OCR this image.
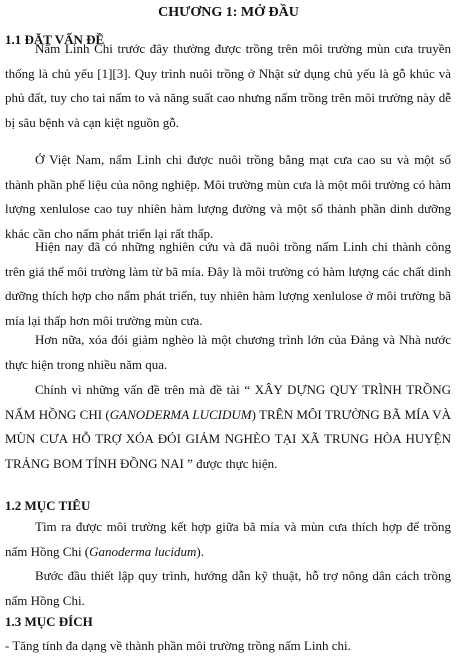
CHƯƠNG 1: MỞ ĐẦU
1.1 ĐẶT VẤN ĐỀ
Nấm Linh Chi trước đây thường được trồng trên môi trường mùn cưa truyền thống là chủ yếu [1][3]. Quy trình nuôi trồng ở Nhật sử dụng chủ yếu là gỗ khúc và phủ đất, tuy cho tai nấm to và năng suất cao nhưng nấm trồng trên môi trường này dễ bị sâu bệnh và cạn kiệt nguồn gỗ.
Ở Việt Nam, nấm Linh chi được nuôi trồng bằng mạt cưa cao su và một số thành phần phế liệu của nông nghiệp. Môi trường mùn cưa là một môi trường có hàm lượng xenlulose cao tuy nhiên hàm lượng đường và một số thành phần dinh dưỡng khác cần cho nấm phát triển lại rất thấp.
Hiện nay đã có những nghiên cứu và đã nuôi trồng nấm Linh chi thành công trên giá thể môi trường làm từ bã mía. Đây là môi trường có hàm lượng các chất dinh dưỡng thích hợp cho nấm phát triển, tuy nhiên hàm lượng xenlulose ở môi trường bã mía lại thấp hơn môi trường mùn cưa.
Hơn nữa, xóa đói giảm nghèo là một chương trình lớn của Đảng và Nhà nước thực hiện trong nhiều năm qua.
Chính vì những vấn đề trên mà đề tài “ XÂY DỰNG QUY TRÌNH TRỒNG NẤM HỒNG CHI (GANODERMA LUCIDUM) TRÊN MÔI TRƯỜNG BÃ MÍA VÀ MÙN CƯA HỖ TRỢ XÓA ĐÓI GIẢM NGHÈO TẠI XÃ TRUNG HÒA HUYỆN TRẢNG BOM TỈNH ĐỒNG NAI ” được thực hiện.
1.2 MỤC TIÊU
Tìm ra được môi trường kết hợp giữa bã mía và mùn cưa thích hợp để trồng nấm Hồng Chi (Ganoderma lucidum).
Bước đầu thiết lập quy trình, hướng dẫn kỹ thuật, hỗ trợ nông dân cách trồng nấm Hồng Chi.
1.3 MỤC ĐÍCH
- Tăng tính đa dạng về thành phần môi trường trồng nấm Linh chi.
